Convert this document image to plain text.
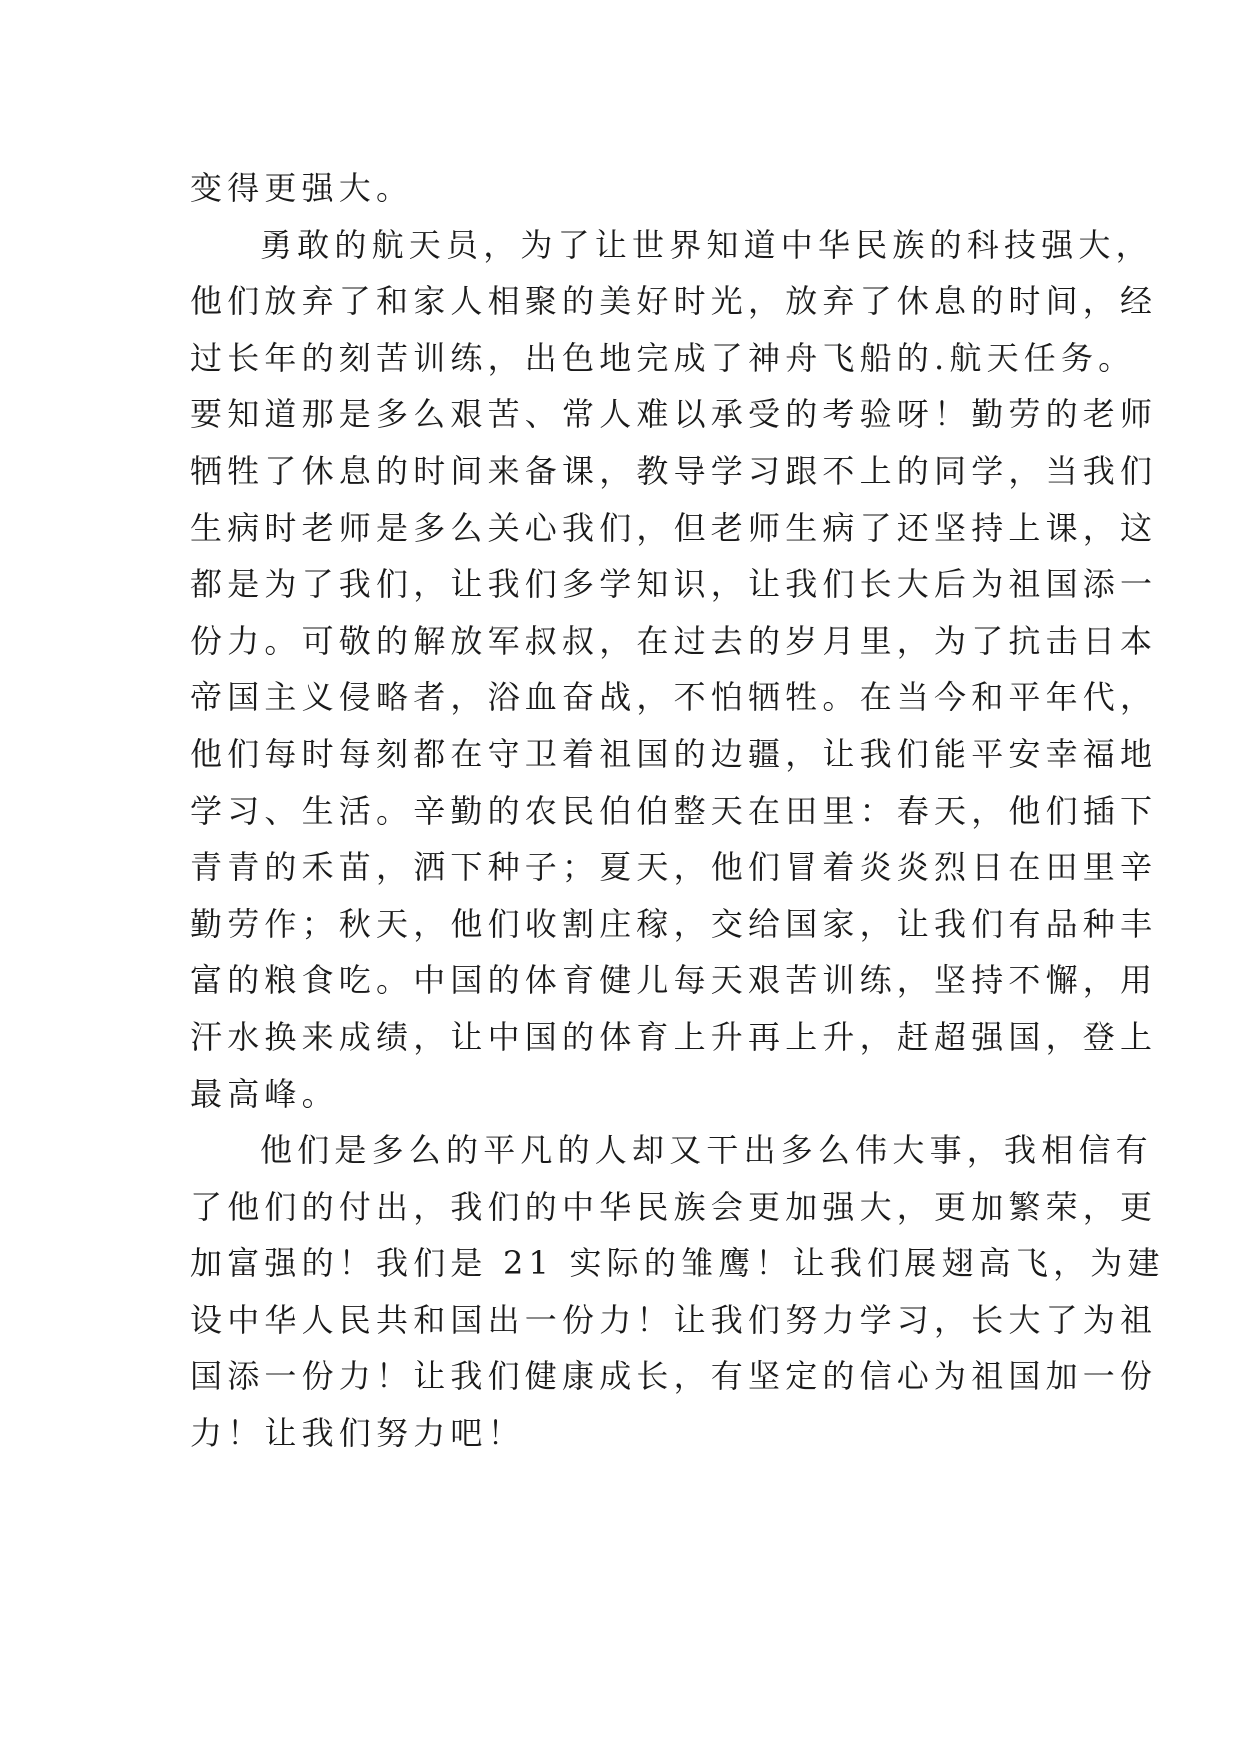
变得更强大。
勇敢的航天员，为了让世界知道中华民族的科技强大，
他们放弃了和家人相聚的美好时光，放弃了休息的时间，经
过长年的刻苦训练，出色地完成了神舟飞船的.航天任务。
要知道那是多么艰苦、常人难以承受的考验呀！勤劳的老师
牺牲了休息的时间来备课，教导学习跟不上的同学，当我们
生病时老师是多么关心我们，但老师生病了还坚持上课，这
都是为了我们，让我们多学知识，让我们长大后为祖国添一
份力。可敬的解放军叔叔，在过去的岁月里，为了抗击日本
帝国主义侵略者，浴血奋战，不怕牺牲。在当今和平年代，
他们每时每刻都在守卫着祖国的边疆，让我们能平安幸福地
学习、生活。辛勤的农民伯伯整天在田里：春天，他们插下
青青的禾苗，洒下种子；夏天，他们冒着炎炎烈日在田里辛
勤劳作；秋天，他们收割庄稼，交给国家，让我们有品种丰
富的粮食吃。中国的体育健儿每天艰苦训练，坚持不懈，用
汗水换来成绩，让中国的体育上升再上升，赶超强国，登上
最高峰。
他们是多么的平凡的人却又干出多么伟大事，我相信有
了他们的付出，我们的中华民族会更加强大，更加繁荣，更
加富强的！我们是 21 实际的雏鹰！让我们展翅高飞，为建
设中华人民共和国出一份力！让我们努力学习，长大了为祖
国添一份力！让我们健康成长，有坚定的信心为祖国加一份
力！让我们努力吧！
